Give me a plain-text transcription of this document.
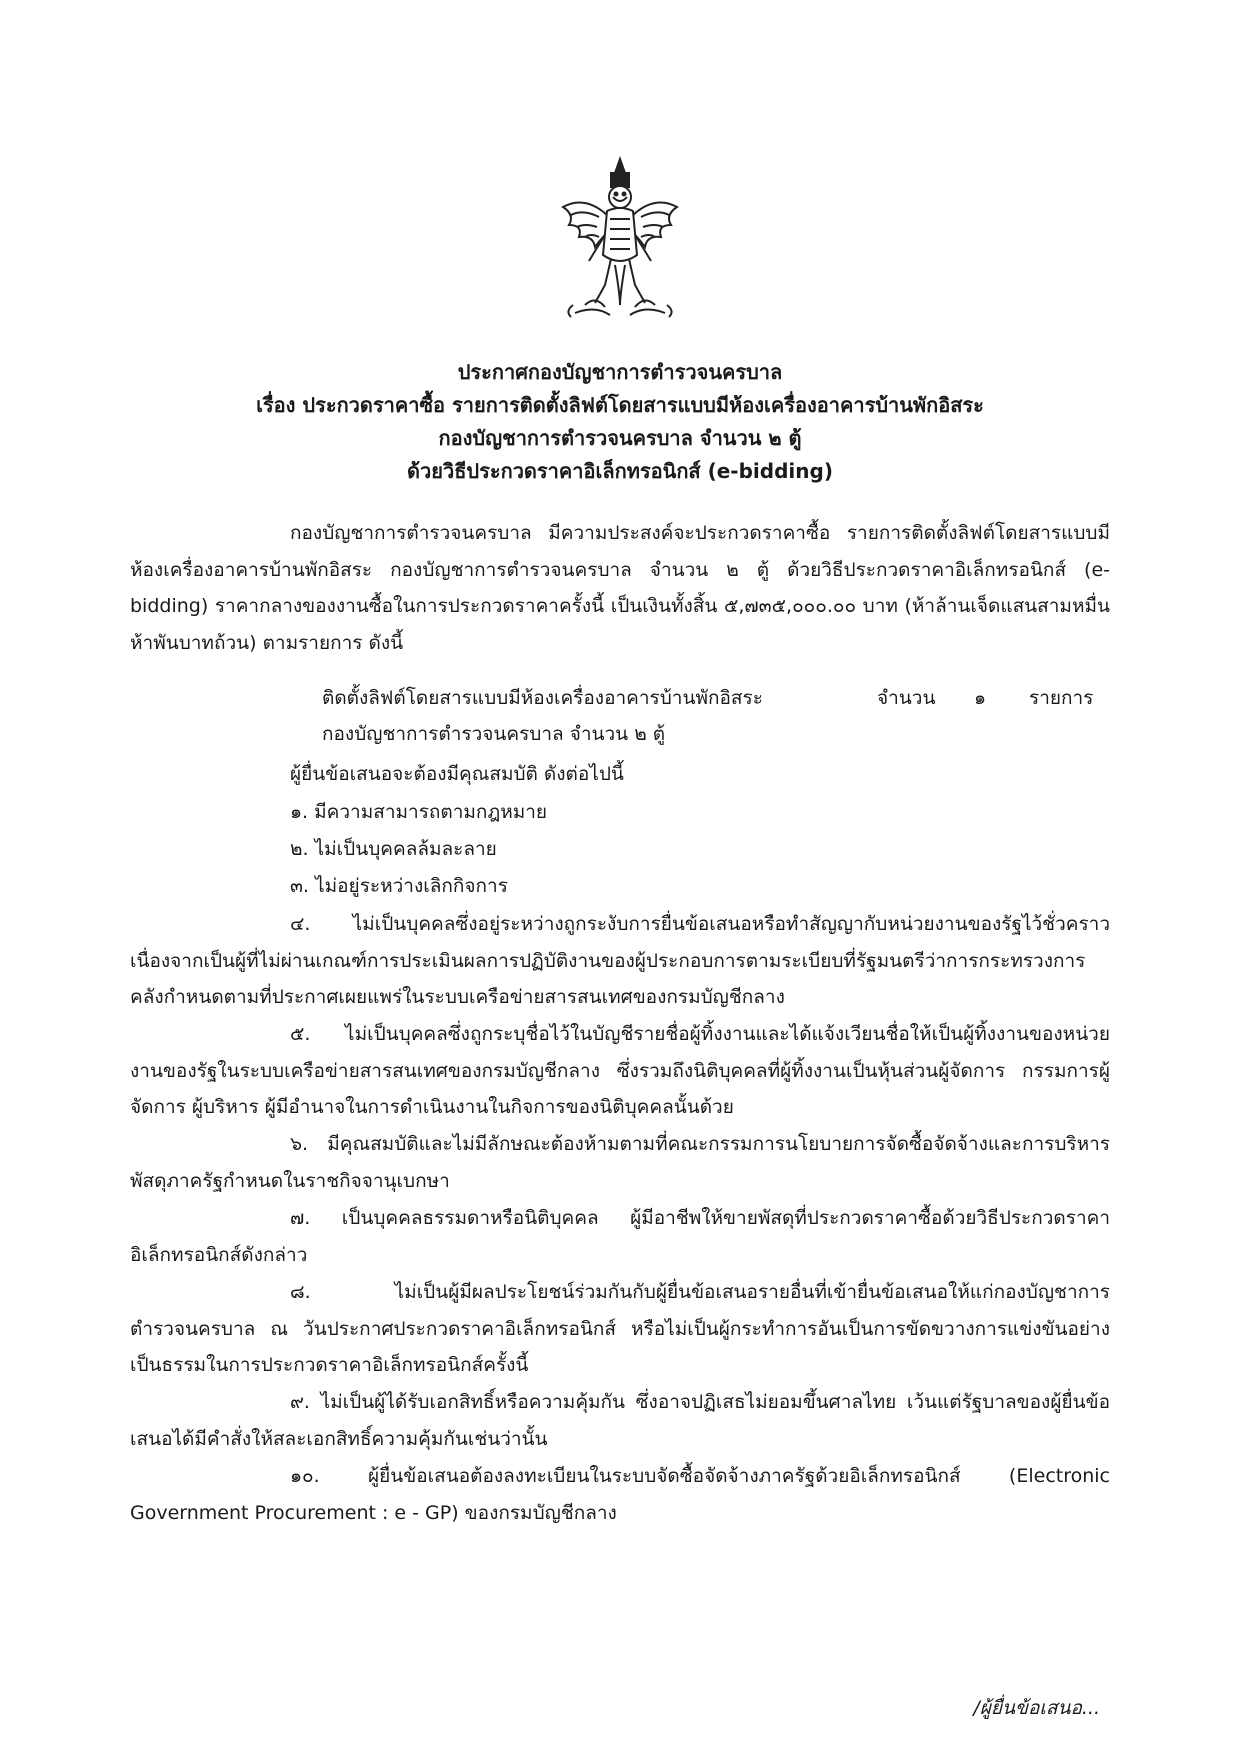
ประกาศกองบัญชาการตำรวจนครบาล
เรื่อง ประกวดราคาซื้อ รายการติดตั้งลิฟต์โดยสารแบบมีห้องเครื่องอาคารบ้านพักอิสระ
กองบัญชาการตำรวจนครบาล จำนวน ๒ ตู้
ด้วยวิธีประกวดราคาอิเล็กทรอนิกส์ (e-bidding)
กองบัญชาการตำรวจนครบาล มีความประสงค์จะประกวดราคาซื้อ รายการติดตั้งลิฟต์โดยสารแบบมีห้องเครื่องอาคารบ้านพักอิสระ กองบัญชาการตำรวจนครบาล จำนวน ๒ ตู้ ด้วยวิธีประกวดราคาอิเล็กทรอนิกส์ (e-bidding) ราคากลางของงานซื้อในการประกวดราคาครั้งนี้ เป็นเงินทั้งสิ้น ๕,๗๓๕,๐๐๐.๐๐ บาท (ห้าล้านเจ็ดแสนสามหมื่นห้าพันบาทถ้วน) ตามรายการ ดังนี้
ติดตั้งลิฟต์โดยสารแบบมีห้องเครื่องอาคารบ้านพักอิสระ	จำนวน ๑ รายการ
กองบัญชาการตำรวจนครบาล จำนวน ๒ ตู้
ผู้ยื่นข้อเสนอจะต้องมีคุณสมบัติ ดังต่อไปนี้
๑. มีความสามารถตามกฎหมาย
๒. ไม่เป็นบุคคลล้มละลาย
๓. ไม่อยู่ระหว่างเลิกกิจการ
๔. ไม่เป็นบุคคลซึ่งอยู่ระหว่างถูกระงับการยื่นข้อเสนอหรือทำสัญญากับหน่วยงานของรัฐไว้ชั่วคราว เนื่องจากเป็นผู้ที่ไม่ผ่านเกณฑ์การประเมินผลการปฏิบัติงานของผู้ประกอบการตามระเบียบที่รัฐมนตรีว่าการกระทรวงการคลังกำหนดตามที่ประกาศเผยแพร่ในระบบเครือข่ายสารสนเทศของกรมบัญชีกลาง
๕. ไม่เป็นบุคคลซึ่งถูกระบุชื่อไว้ในบัญชีรายชื่อผู้ทิ้งงานและได้แจ้งเวียนชื่อให้เป็นผู้ทิ้งงานของหน่วยงานของรัฐในระบบเครือข่ายสารสนเทศของกรมบัญชีกลาง ซึ่งรวมถึงนิติบุคคลที่ผู้ทิ้งงานเป็นหุ้นส่วนผู้จัดการ กรรมการผู้จัดการ ผู้บริหาร ผู้มีอำนาจในการดำเนินงานในกิจการของนิติบุคคลนั้นด้วย
๖. มีคุณสมบัติและไม่มีลักษณะต้องห้ามตามที่คณะกรรมการนโยบายการจัดซื้อจัดจ้างและการบริหารพัสดุภาครัฐกำหนดในราชกิจจานุเบกษา
๗. เป็นบุคคลธรรมดาหรือนิติบุคคล ผู้มีอาชีพให้ขายพัสดุที่ประกวดราคาซื้อด้วยวิธีประกวดราคาอิเล็กทรอนิกส์ดังกล่าว
๘. ไม่เป็นผู้มีผลประโยชน์ร่วมกันกับผู้ยื่นข้อเสนอรายอื่นที่เข้ายื่นข้อเสนอให้แก่กองบัญชาการตำรวจนครบาล ณ วันประกาศประกวดราคาอิเล็กทรอนิกส์ หรือไม่เป็นผู้กระทำการอันเป็นการขัดขวางการแข่งขันอย่างเป็นธรรมในการประกวดราคาอิเล็กทรอนิกส์ครั้งนี้
๙. ไม่เป็นผู้ได้รับเอกสิทธิ์หรือความคุ้มกัน ซึ่งอาจปฏิเสธไม่ยอมขึ้นศาลไทย เว้นแต่รัฐบาลของผู้ยื่นข้อเสนอได้มีคำสั่งให้สละเอกสิทธิ์ความคุ้มกันเช่นว่านั้น
๑๐. ผู้ยื่นข้อเสนอต้องลงทะเบียนในระบบจัดซื้อจัดจ้างภาครัฐด้วยอิเล็กทรอนิกส์ (Electronic Government Procurement : e - GP) ของกรมบัญชีกลาง
/ผู้ยื่นข้อเสนอ...
